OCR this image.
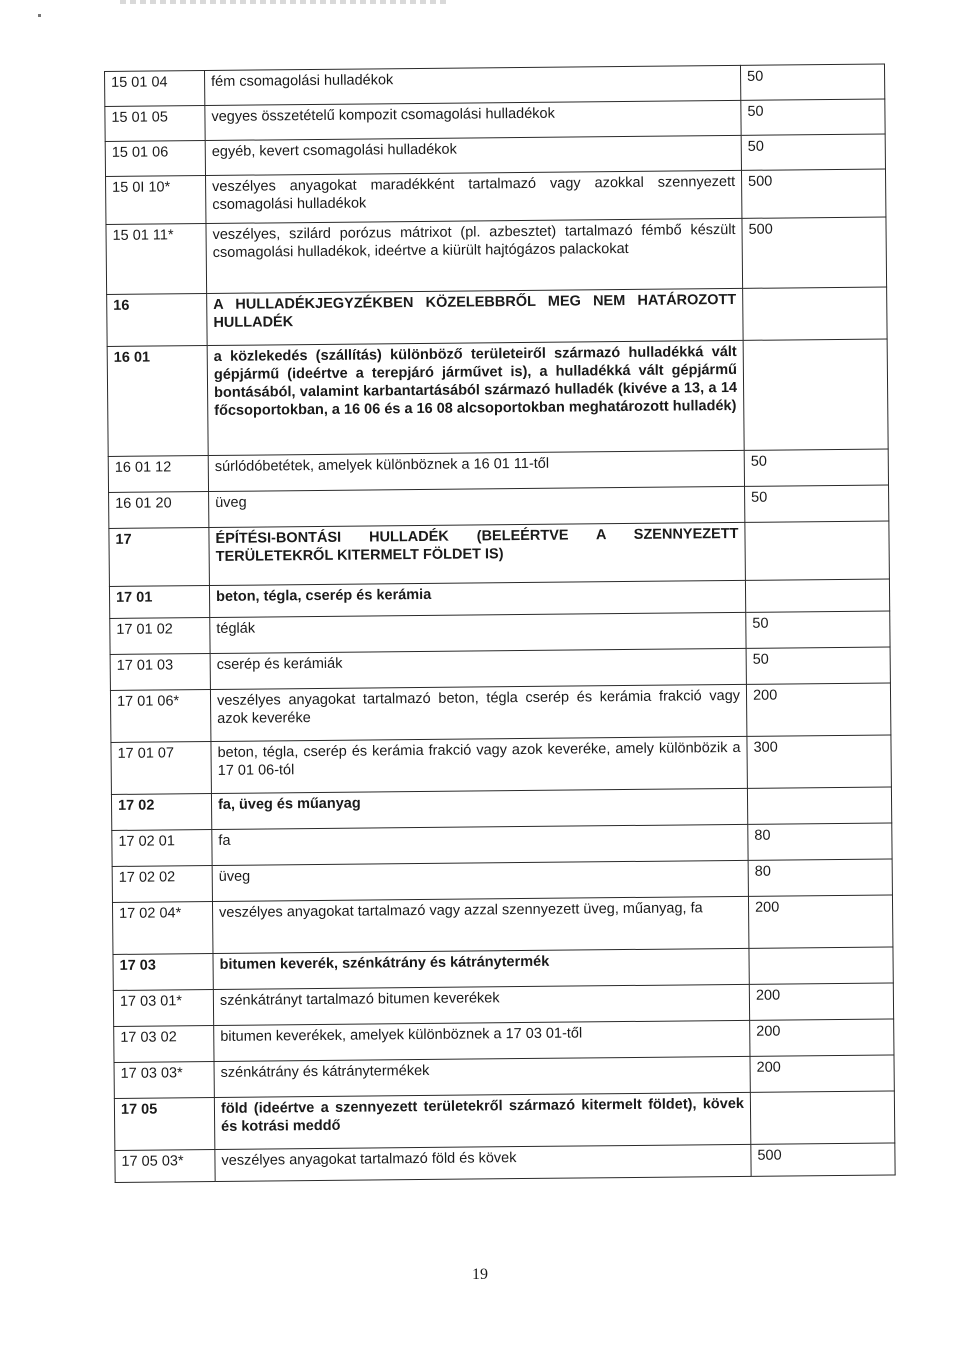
15 01 04	fém csomagolási hulladékok	50
15 01 05	vegyes összetételű kompozit csomagolási hulladékok	50
15 01 06	egyéb, kevert csomagolási hulladékok	50
15 0I 10*	veszélyes anyagokat maradékként tartalmazó vagy azokkal szennyezett csomagolási hulladékok	500
15 01 11*	veszélyes, szilárd porózus mátrixot (pl. azbesztet) tartalmazó fémbő készült csomagolási hulladékok, ideértve a kiürült hajtógázos palackokat	500
16	A HULLADÉKJEGYZÉKBEN KÖZELEBBRŐL MEG NEM HATÁROZOTT HULLADÉK	
16 01	a közlekedés (szállítás) különböző területeiről származó hulladékká vált gépjármű (ideértve a terepjáró járművet is), a hulladékká vált gépjármű bontásából, valamint karbantartásából származó hulladék (kivéve a 13, a 14 főcsoportokban, a 16 06 és a 16 08 alcsoportokban meghatározott hulladék)	
16 01 12	súrlódóbetétek, amelyek különböznek a 16 01 11-től	50
16 01 20	üveg	50
17	ÉPÍTÉSI-BONTÁSI HULLADÉK (BELEÉRTVE A SZENNYEZETT TERÜLETEKRŐL KITERMELT FÖLDET IS)	
17 01	beton, tégla, cserép és kerámia	
17 01 02	téglák	50
17 01 03	cserép és kerámiák	50
17 01 06*	veszélyes anyagokat tartalmazó beton, tégla cserép és kerámia frakció vagy azok keveréke	200
17 01 07	beton, tégla, cserép és kerámia frakció vagy azok keveréke, amely különbözik a 17 01 06-tól	300
17 02	fa, üveg és műanyag	
17 02 01	fa	80
17 02 02	üveg	80
17 02 04*	veszélyes anyagokat tartalmazó vagy azzal szennyezett üveg, műanyag, fa	200
17 03	bitumen keverék, szénkátrány és kátránytermék	
17 03 01*	szénkátrányt tartalmazó bitumen keverékek	200
17 03 02	bitumen keverékek, amelyek különböznek a 17 03 01-től	200
17 03 03*	szénkátrány és kátránytermékek	200
17 05	föld (ideértve a szennyezett területekről származó kitermelt földet), kövek és kotrási meddő	
17 05 03*	veszélyes anyagokat tartalmazó föld és kövek	500
19
